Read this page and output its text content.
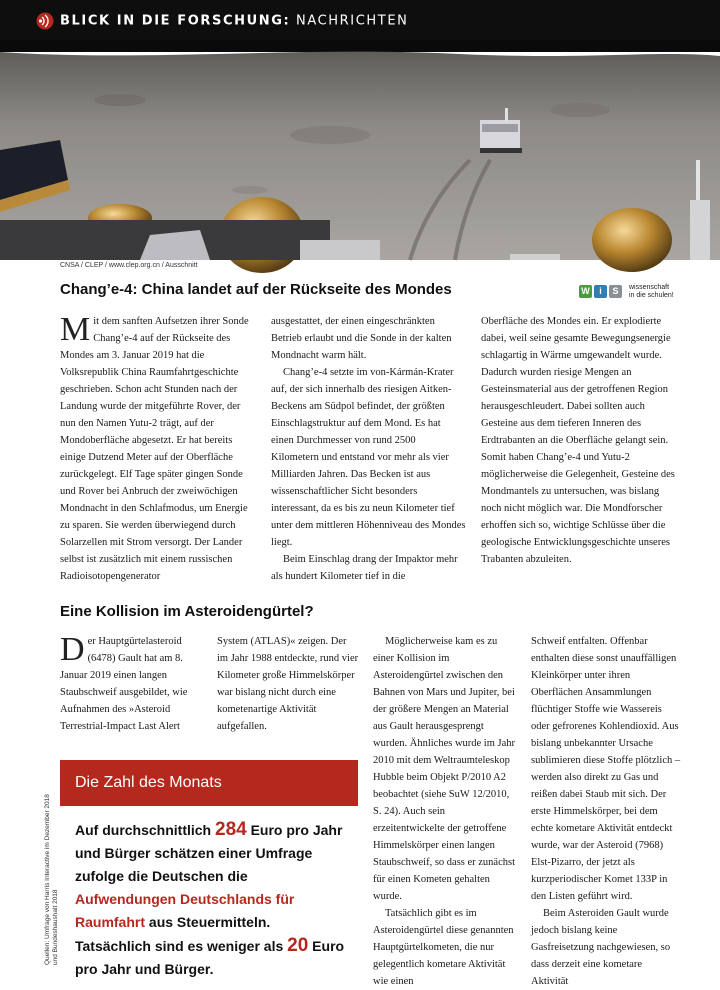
BLICK IN DIE FORSCHUNG: NACHRICHTEN
CNSA / CLEP / www.clep.org.cn / Ausschnitt
Chang’e-4: China landet auf der Rückseite des Mondes	W	i	S	wissenschaft
in die schulen!

Mit dem sanften Aufsetzen ihrer Sonde Chang’e-4 auf der Rückseite des Mondes am 3. Januar 2019 hat die Volksrepublik China Raumfahrtgeschichte geschrieben. Schon acht Stunden nach der Landung wurde der mitgeführte Rover, der nun den Namen Yutu-2 trägt, auf der Mondoberfläche abgesetzt. Er hat bereits einige Dutzend Meter auf der Oberfläche zurückgelegt. Elf Tage später gingen Sonde und Rover bei Anbruch der zweiwöchigen Mondnacht in den Schlafmodus, um Energie zu sparen. Sie werden überwiegend durch Solarzellen mit Strom versorgt. Der Lander selbst ist zusätzlich mit einem russischen Radioisotopengenerator

ausgestattet, der einen eingeschränkten Betrieb erlaubt und die Sonde in der kalten Mondnacht warm hält.

Chang’e-4 setzte im von-Kármán-Krater auf, der sich innerhalb des riesigen Aitken-Beckens am Südpol befindet, der größten Einschlagstruktur auf dem Mond. Es hat einen Durchmesser von rund 2500 Kilometern und entstand vor mehr als vier Milliarden Jahren. Das Becken ist aus wissenschaftlicher Sicht besonders interessant, da es bis zu neun Kilometer tief unter dem mittleren Höhenniveau des Mondes liegt.

Beim Einschlag drang der Impaktor mehr als hundert Kilometer tief in die

Oberfläche des Mondes ein. Er explodierte dabei, weil seine gesamte Bewegungsenergie schlagartig in Wärme umgewandelt wurde. Dadurch wurden riesige Mengen an Gesteinsmaterial aus der getroffenen Region herausgeschleudert. Dabei sollten auch Gesteine aus dem tieferen Inneren des Erdtrabanten an die Oberfläche gelangt sein. Somit haben Chang’e-4 und Yutu-2 möglicherweise die Gelegenheit, Gesteine des Mondmantels zu untersuchen, was bislang noch nicht möglich war. Die Mondforscher erhoffen sich so, wichtige Schlüsse über die geologische Entwicklungsgeschichte unseres Trabanten abzuleiten.

Eine Kollision im Asteroidengürtel?

Der Hauptgürtelasteroid (6478) Gault hat am 8. Januar 2019 einen langen Staubschweif ausgebildet, wie Aufnahmen des »Asteroid Terrestrial-Impact Last Alert

System (ATLAS)« zeigen. Der im Jahr 1988 entdeckte, rund vier Kilometer große Himmelskörper war bislang nicht durch eine kometenartige Aktivität aufgefallen.

Möglicherweise kam es zu einer Kollision im Asteroidengürtel zwischen den Bahnen von Mars und Jupiter, bei der größere Mengen an Material aus Gault herausgesprengt wurden. Ähnliches wurde im Jahr 2010 mit dem Weltraumteleskop Hubble beim Objekt P/2010 A2 beobachtet (siehe SuW 12/2010, S. 24). Auch sein erzeitentwickelte der getroffene Himmelskörper einen langen Staubschweif, so dass er zunächst für einen Kometen gehalten wurde.

Tatsächlich gibt es im Asteroidengürtel diese genannten Hauptgürtelkometen, die nur gelegentlich kometare Aktivität wie einen

Schweif entfalten. Offenbar enthalten diese sonst unauffälligen Kleinkörper unter ihren Oberflächen Ansammlungen flüchtiger Stoffe wie Wassereis oder gefrorenes Kohlendioxid. Aus bislang unbekannter Ursache sublimieren diese Stoffe plötzlich – werden also direkt zu Gas und reißen dabei Staub mit sich. Der erste Himmelskörper, bei dem echte kometare Aktivität entdeckt wurde, war der Asteroid (7968) Elst-Pizarro, der jetzt als kurzperiodischer Komet 133P in den Listen geführt wird.

Beim Asteroiden Gault wurde jedoch bislang keine Gasfreisetzung nachgewiesen, so dass derzeit eine kometare Aktivität

Quellen: Umfrage von Harris Interactive im Dezember 2018 und Bundeshaushalt 2018
Die Zahl des Monats
Auf durchschnittlich 284 Euro pro Jahr und Bürger schätzen einer Umfrage zufolge die Deutschen die Aufwendungen Deutschlands für Raumfahrt aus Steuermitteln. Tatsächlich sind es weniger als 20 Euro pro Jahr und Bürger.
